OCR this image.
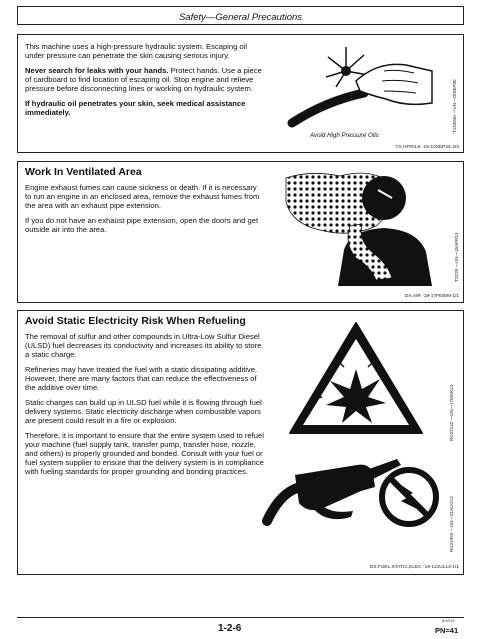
Safety—General Precautions

This machine uses a high-pressure hydraulic system. Escaping oil under pressure can penetrate the skin causing serious injury.

Never search for leaks with your hands. Protect hands. Use a piece of cardboard to find location of escaping oil. Stop engine and relieve pressure before disconnecting lines or working on hydraulic system.

If hydraulic oil penetrates your skin, seek medical assistance immediately.

Avoid High Pressure Oils
T133840 —UN—20SEP00
TX,HPOILS -19-10SEP24-2/2
Work In Ventilated Area

Engine exhaust fumes can cause sickness or death. If it is necessary to run an engine in an enclosed area, remove the exhaust fumes from the area with an exhaust pipe extension.

If you do not have an exhaust pipe extension, open the doors and get outside air into the area.

TS220 —UN—15APR13
DX,AIR -19-17FEB99-1/1
Avoid Static Electricity Risk When Refueling

The removal of sulfur and other compounds in Ultra-Low Sulfur Diesel (ULSD) fuel decreases its conductivity and increases its ability to store a static charge.

Refineries may have treated the fuel with a static dissipating additive. However, there are many factors that can reduce the effectiveness of the additive over time.

Static charges can build up in ULSD fuel while it is flowing through fuel delivery systems. Static electricity discharge when combustible vapors are present could result in a fire or explosion.

Therefore, it is important to ensure that the entire system used to refuel your machine (fuel supply tank, transfer pump, transfer hose, nozzle, and others) is properly grounded and bonded. Consult with your fuel or fuel system supplier to ensure that the delivery system is in compliance with fueling standards for proper grounding and bonding practices.

RG22142 —UN—17MAR14
RG21992 —UN—21AUG13
DX,FUEL,STATIC,ELEC -19-12JUL13-1/1
1-2-6
8/10/15
PN=41
